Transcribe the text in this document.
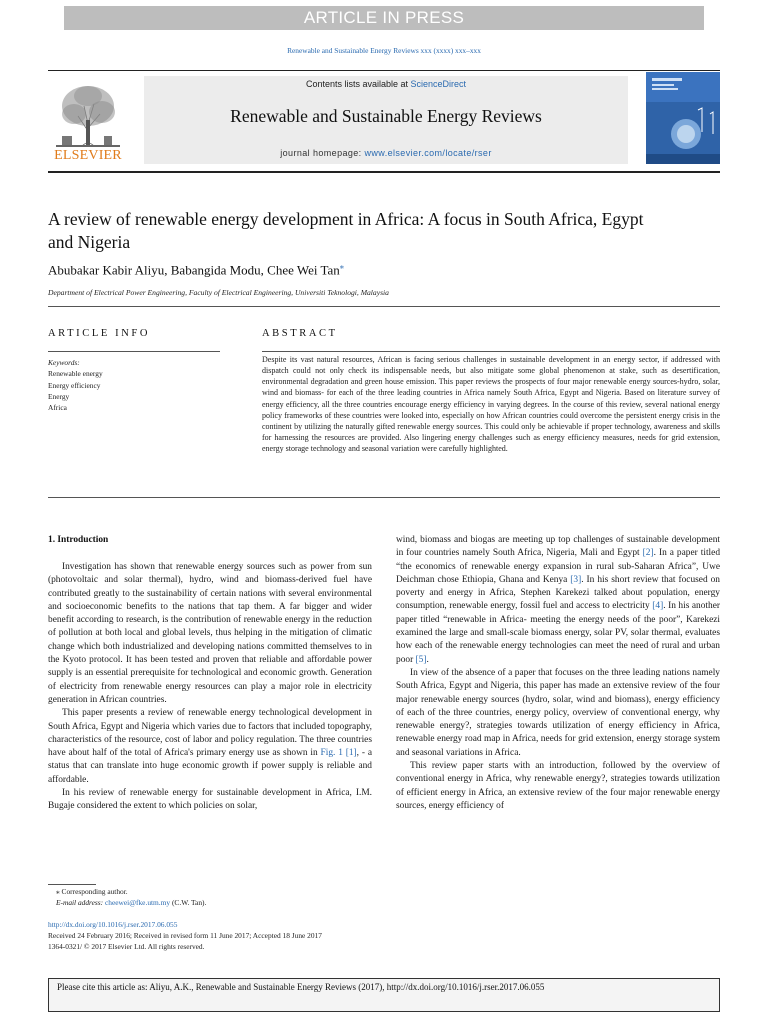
ARTICLE IN PRESS
Renewable and Sustainable Energy Reviews xxx (xxxx) xxx–xxx
ELSEVIER
Contents lists available at ScienceDirect
Renewable and Sustainable Energy Reviews
journal homepage: www.elsevier.com/locate/rser
A review of renewable energy development in Africa: A focus in South Africa, Egypt and Nigeria
Abubakar Kabir Aliyu, Babangida Modu, Chee Wei Tan⁎
Department of Electrical Power Engineering, Faculty of Electrical Engineering, Universiti Teknologi, Malaysia
ARTICLE INFO	ABSTRACT
Keywords:
Renewable energy
Energy efficiency
Energy
Africa
Despite its vast natural resources, African is facing serious challenges in sustainable development in an energy sector, if addressed with dispatch could not only check its indispensable needs, but also mitigate some global phenomenon at stake, such as desertification, environmental degradation and green house emission. This paper reviews the prospects of four major renewable energy sources-hydro, solar, wind and biomass- for each of the three leading countries in Africa namely South Africa, Egypt and Nigeria. Based on literature survey of energy efficiency, all the three countries encourage energy efficiency in varying degrees. In the course of this review, several national energy policy frameworks of these countries were looked into, especially on how African countries could overcome the persistent energy crisis in the continent by utilizing the naturally gifted renewable energy sources. This could only be achievable if proper technology, awareness and skills for harnessing the resources are provided. Also lingering energy challenges such as energy efficiency measures, needs for grid extension, energy storage technology and seasonal variation were carefully highlighted.
1. Introduction

Investigation has shown that renewable energy sources such as power from sun (photovoltaic and solar thermal), hydro, wind and biomass-derived fuel have contributed greatly to the sustainability of certain nations with several environmental and socioeconomic benefits to the nations that tap them. A far bigger and wider benefit according to research, is the contribution of renewable energy in the reduction of pollution at both local and global levels, thus helping in the mitigation of climatic change which both industrialized and developing nations committed themselves to in the Kyoto protocol. It has been tested and proven that reliable and affordable power supply is an essential prerequisite for technological and economic growth. Generation of electricity from renewable energy resources can play a major role in electricity generation in African countries.

This paper presents a review of renewable energy technological development in South Africa, Egypt and Nigeria which varies due to factors that included topography, characteristics of the resource, cost of labor and policy regulation. The three countries have about half of the total of Africa's primary energy use as shown in Fig. 1 [1], - a status that can translate into huge economic growth if power supply is reliable and affordable.

In his review of renewable energy for sustainable development in Africa, I.M. Bugaje considered the extent to which policies on solar,

wind, biomass and biogas are meeting up top challenges of sustainable development in four countries namely South Africa, Nigeria, Mali and Egypt [2]. In a paper titled “the economics of renewable energy expansion in rural sub-Saharan Africa”, Uwe Deichman chose Ethiopia, Ghana and Kenya [3]. In his short review that focused on poverty and energy in Africa, Stephen Karekezi talked about population, energy consumption, renewable energy, fossil fuel and access to electricity [4]. In his another paper titled “renewable in Africa- meeting the energy needs of the poor”, Karekezi examined the large and small-scale biomass energy, solar PV, solar thermal, evaluates how each of the renewable energy technologies can meet the need of rural and urban poor [5].

In view of the absence of a paper that focuses on the three leading nations namely South Africa, Egypt and Nigeria, this paper has made an extensive review of the four major renewable energy sources (hydro, solar, wind and biomass), energy efficiency of each of the three countries, energy policy, overview of conventional energy, why renewable energy?, strategies towards utilization of energy efficiency in Africa, renewable energy road map in Africa, needs for grid extension, energy storage system and seasonal variations in Africa.

This review paper starts with an introduction, followed by the overview of conventional energy in Africa, why renewable energy?, strategies towards utilization of efficient energy in Africa, an extensive review of the four major renewable energy sources, energy efficiency of

⁎ Corresponding author.
E-mail address: cheewei@fke.utm.my (C.W. Tan).
http://dx.doi.org/10.1016/j.rser.2017.06.055
Received 24 February 2016; Received in revised form 11 June 2017; Accepted 18 June 2017
1364-0321/ © 2017 Elsevier Ltd. All rights reserved.
Please cite this article as: Aliyu, A.K., Renewable and Sustainable Energy Reviews (2017), http://dx.doi.org/10.1016/j.rser.2017.06.055
